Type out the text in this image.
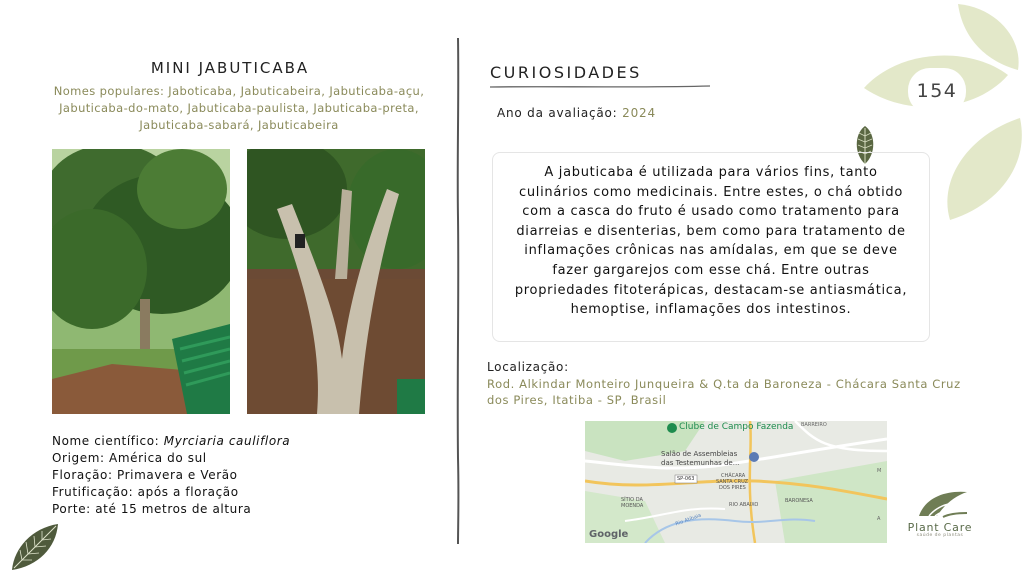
154
MINI JABUTICABA
Nomes populares: Jaboticaba, Jabuticabeira, Jabuticaba-açu, Jabuticaba-do-mato, Jabuticaba-paulista, Jabuticaba-preta, Jabuticaba-sabará, Jabuticabeira
Nome científico: Myrciaria cauliflora
Origem: América do sul
Floração: Primavera e Verão
Frutificação: após a floração
Porte: até 15 metros de altura
CURIOSIDADES
Ano da avaliação: 2024
A jabuticaba é utilizada para vários fins, tanto culinários como medicinais. Entre estes, o chá obtido com a casca do fruto é usado como tratamento para diarreias e disenterias, bem como para tratamento de inflamações crônicas nas amídalas, em que se deve fazer gargarejos com esse chá. Entre outras propriedades fitoterápicas, destacam-se antiasmática, hemoptise, inflamações dos intestinos.
Localização:
Rod. Alkindar Monteiro Junqueira & Q.ta da Baroneza - Chácara Santa Cruz dos Pires, Itatiba - SP, Brasil
Clube de Campo Fazenda BARREIRO
Salão de Assembleias
das Testemunhas de...
M
SP-063	CHÁCARA
SANTA CRUZ
DOS PIRES
SÍTIO DA
MOENDA	RIO ABAIXO
BARONESA
A
Rio Atibaia
Google
Plant Care
saúde de plantas
